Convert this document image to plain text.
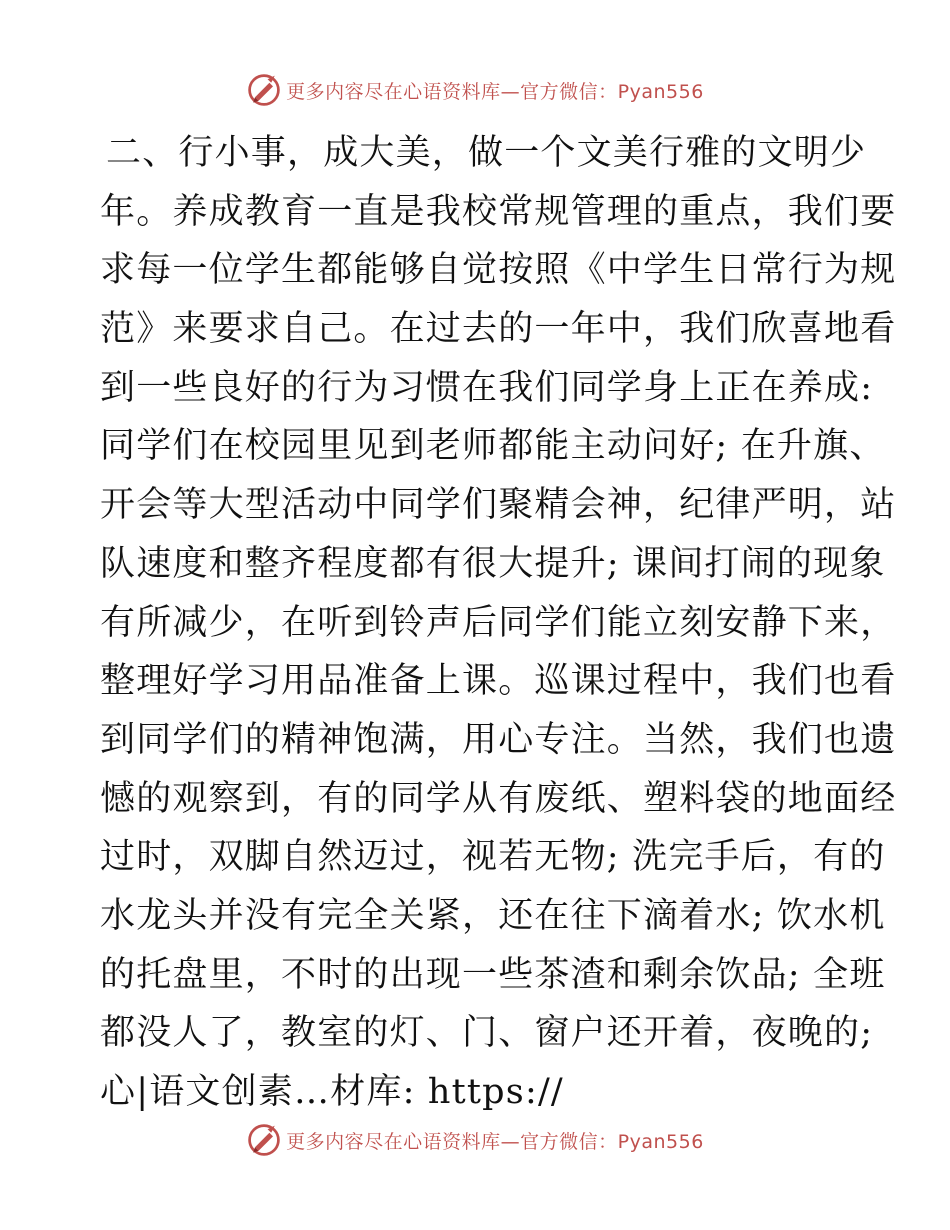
更多内容尽在心语资料库—官方微信：Pyan556
二、行小事，成大美，做一个文美行雅的文明少
年。养成教育一直是我校常规管理的重点，我们要
求每一位学生都能够自觉按照《中学生日常行为规
范》来要求自己。在过去的一年中，我们欣喜地看
到一些良好的行为习惯在我们同学身上正在养成:
同学们在校园里见到老师都能主动问好; 在升旗、
开会等大型活动中同学们聚精会神，纪律严明，站
队速度和整齐程度都有很大提升; 课间打闹的现象
有所减少，在听到铃声后同学们能立刻安静下来，
整理好学习用品准备上课。巡课过程中，我们也看
到同学们的精神饱满，用心专注。当然，我们也遗
憾的观察到，有的同学从有废纸、塑料袋的地面经
过时，双脚自然迈过，视若无物; 洗完手后，有的
水龙头并没有完全关紧，还在往下滴着水; 饮水机
的托盘里，不时的出现一些茶渣和剩余饮品; 全班
都没人了，教室的灯、门、窗户还开着，夜晚的;
心|语文创素…材库: https://
更多内容尽在心语资料库—官方微信：Pyan556
